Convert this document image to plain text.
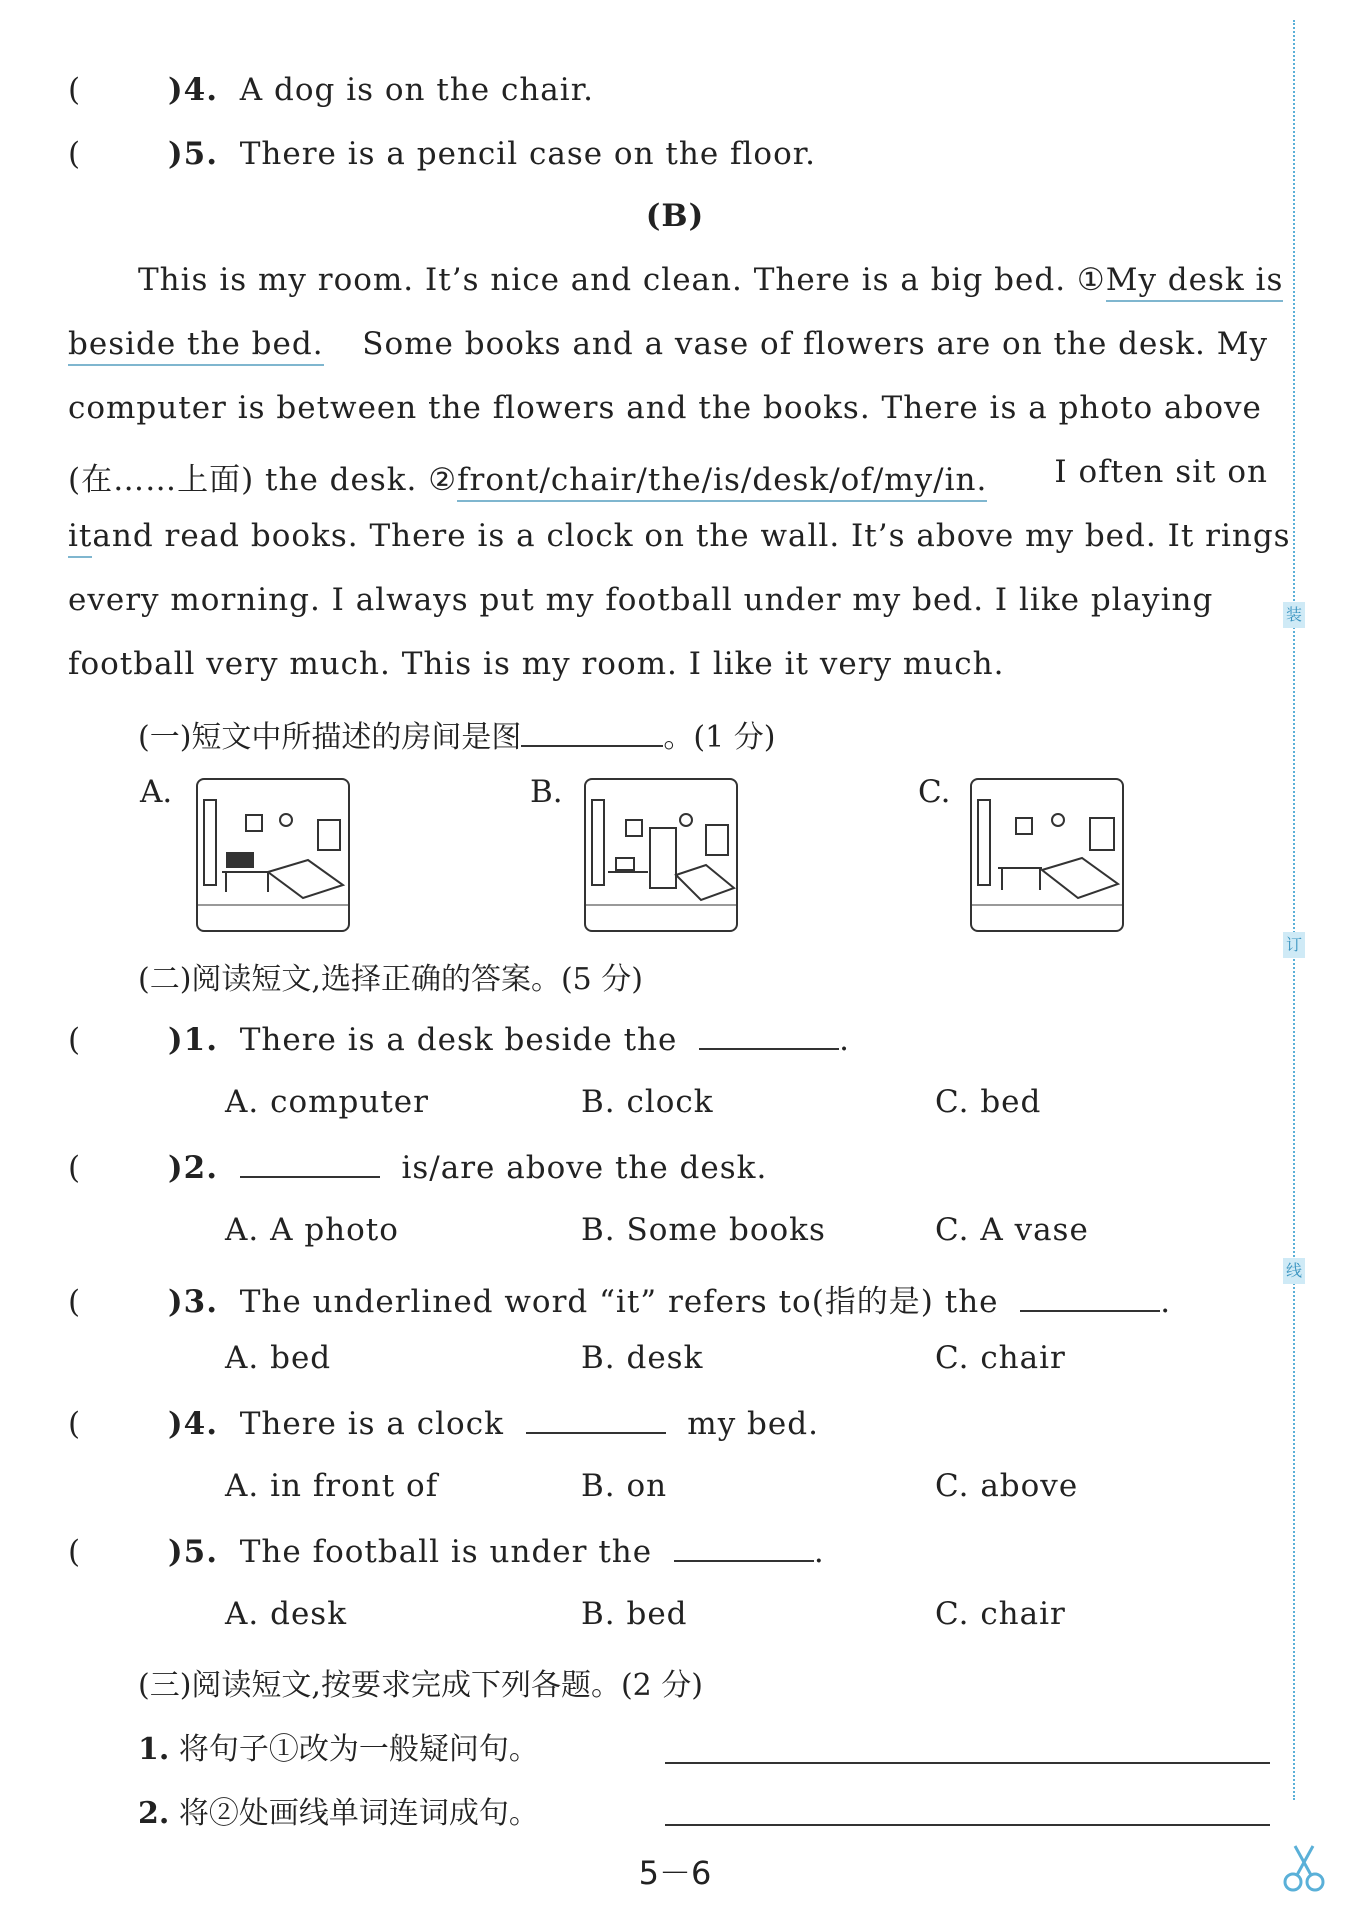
(	)4. A dog is on the chair.
(	)5. There is a pencil case on the floor.
(B)
This is my room. It’s nice and clean. There is a big bed. ① My desk is
beside the bed. Some books and a vase of flowers are on the desk. My
computer is between the flowers and the books. There is a photo above
(在……上面) the desk. ②front/chair/the/is/desk/of/my/in. I often sit on
it and read books. There is a clock on the wall. It’s above my bed. It rings
every morning. I always put my football under my bed. I like playing
football very much. This is my room. I like it very much.
(一)短文中所描述的房间是图	。(1 分)
A.	B.	C.
(二)阅读短文,选择正确的答案。(5 分)
(	)1. There is a desk beside the	.
A. computer	B. clock	C. bed
(	)2.	is/are above the desk.
A. A photo	B. Some books	C. A vase
(	)3. The underlined word “it” refers to(指的是) the	.
A. bed	B. desk	C. chair
(	)4. There is a clock	my bed.
A. in front of	B. on	C. above
(	)5. The football is under the	.
A. desk	B. bed	C. chair
(三)阅读短文,按要求完成下列各题。(2 分)
1. 将句子①改为一般疑问句。
2. 将②处画线单词连词成句。
装
订
线
5－6
